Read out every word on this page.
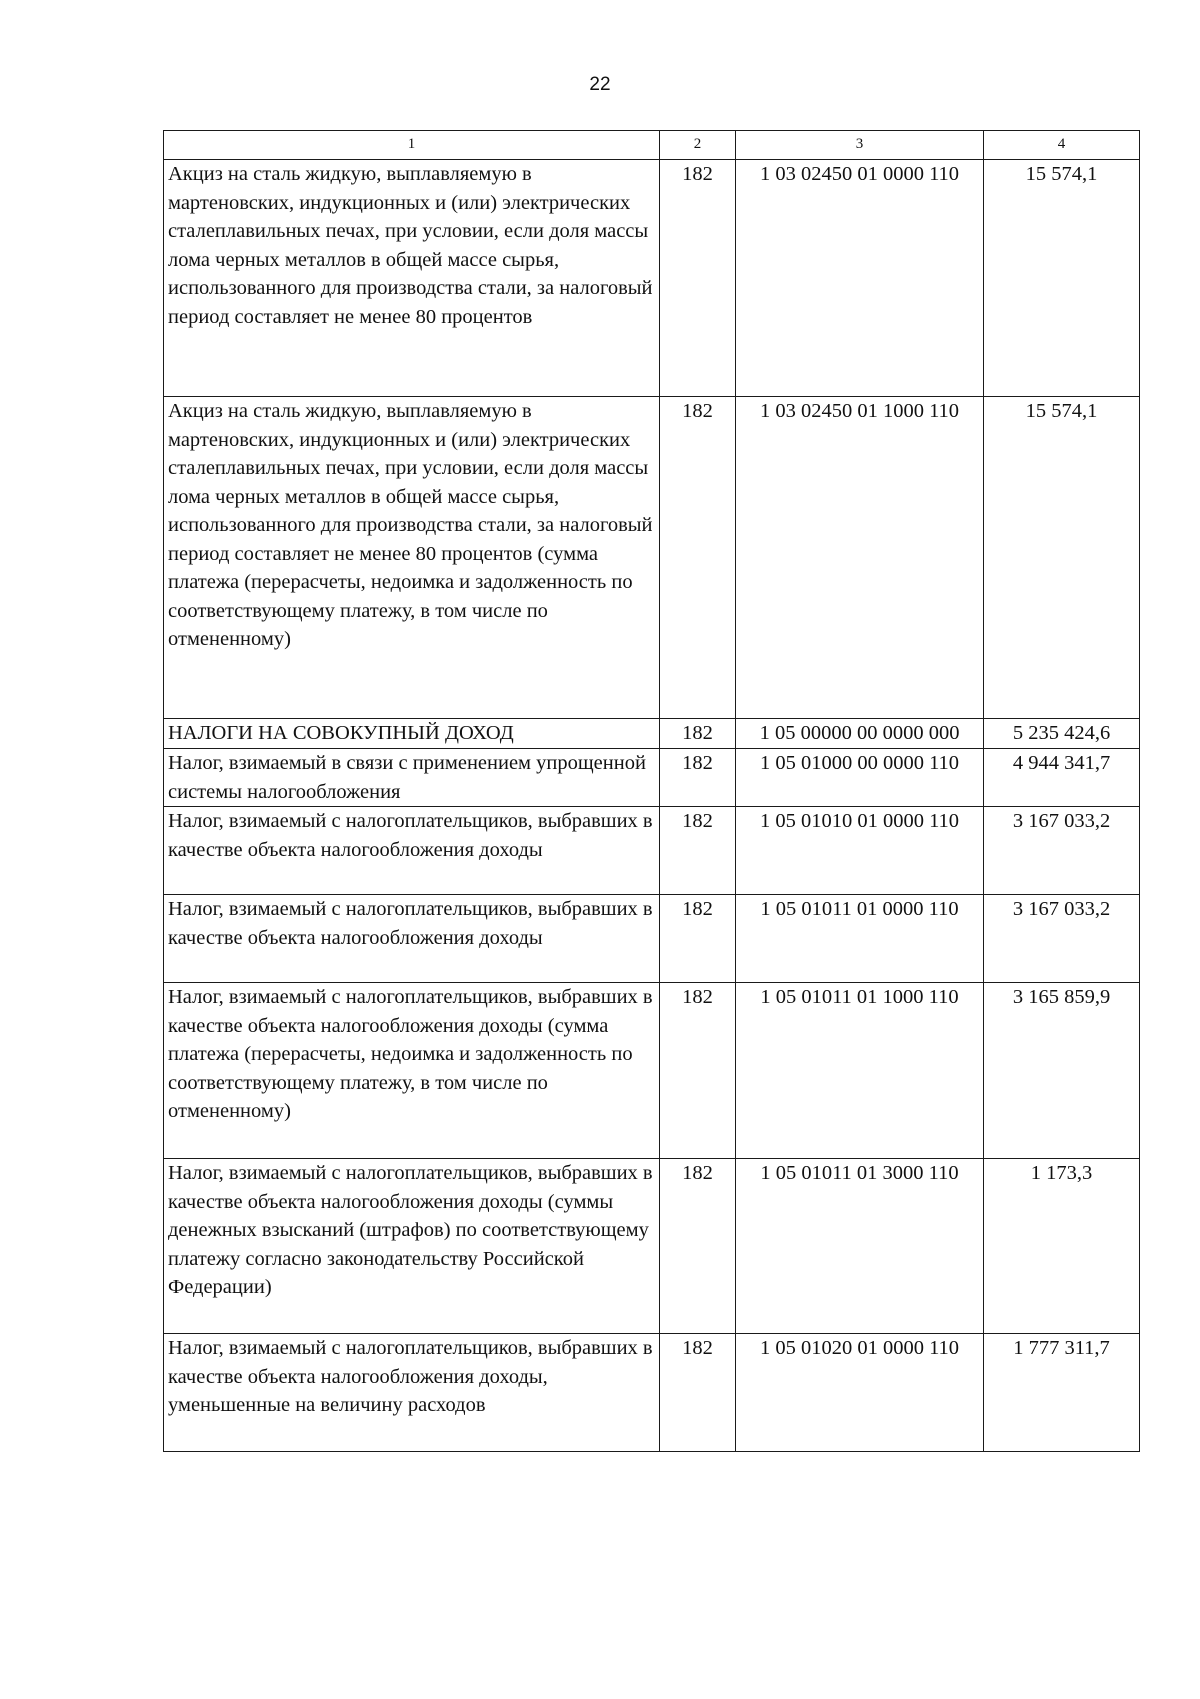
22
1	2	3	4
Акциз на сталь жидкую, выплавляемую в мартеновских, индукционных и (или) электрических сталеплавильных печах, при условии, если доля массы лома черных металлов в общей массе сырья, использованного для производства стали, за налоговый период составляет не менее 80 процентов	182	1 03 02450 01 0000 110	15 574,1
Акциз на сталь жидкую, выплавляемую в мартеновских, индукционных и (или) электрических сталеплавильных печах, при условии, если доля массы лома черных металлов в общей массе сырья, использованного для производства стали, за налоговый период составляет не менее 80 процентов (сумма платежа (перерасчеты, недоимка и задолженность по соответствующему платежу, в том числе по отмененному)	182	1 03 02450 01 1000 110	15 574,1
НАЛОГИ НА СОВОКУПНЫЙ ДОХОД	182	1 05 00000 00 0000 000	5 235 424,6
Налог, взимаемый в связи с применением упрощенной системы налогообложения	182	1 05 01000 00 0000 110	4 944 341,7
Налог, взимаемый с налогоплательщиков, выбравших в качестве объекта налогообложения доходы	182	1 05 01010 01 0000 110	3 167 033,2
Налог, взимаемый с налогоплательщиков, выбравших в качестве объекта налогообложения доходы	182	1 05 01011 01 0000 110	3 167 033,2
Налог, взимаемый с налогоплательщиков, выбравших в качестве объекта налогообложения доходы (сумма платежа (перерасчеты, недоимка и задолженность по соответствующему платежу, в том числе по отмененному)	182	1 05 01011 01 1000 110	3 165 859,9
Налог, взимаемый с налогоплательщиков, выбравших в качестве объекта налогообложения доходы (суммы денежных взысканий (штрафов) по соответствующему платежу согласно законодательству Российской Федерации)	182	1 05 01011 01 3000 110	1 173,3
Налог, взимаемый с налогоплательщиков, выбравших в качестве объекта налогообложения доходы, уменьшенные на величину расходов	182	1 05 01020 01 0000 110	1 777 311,7
